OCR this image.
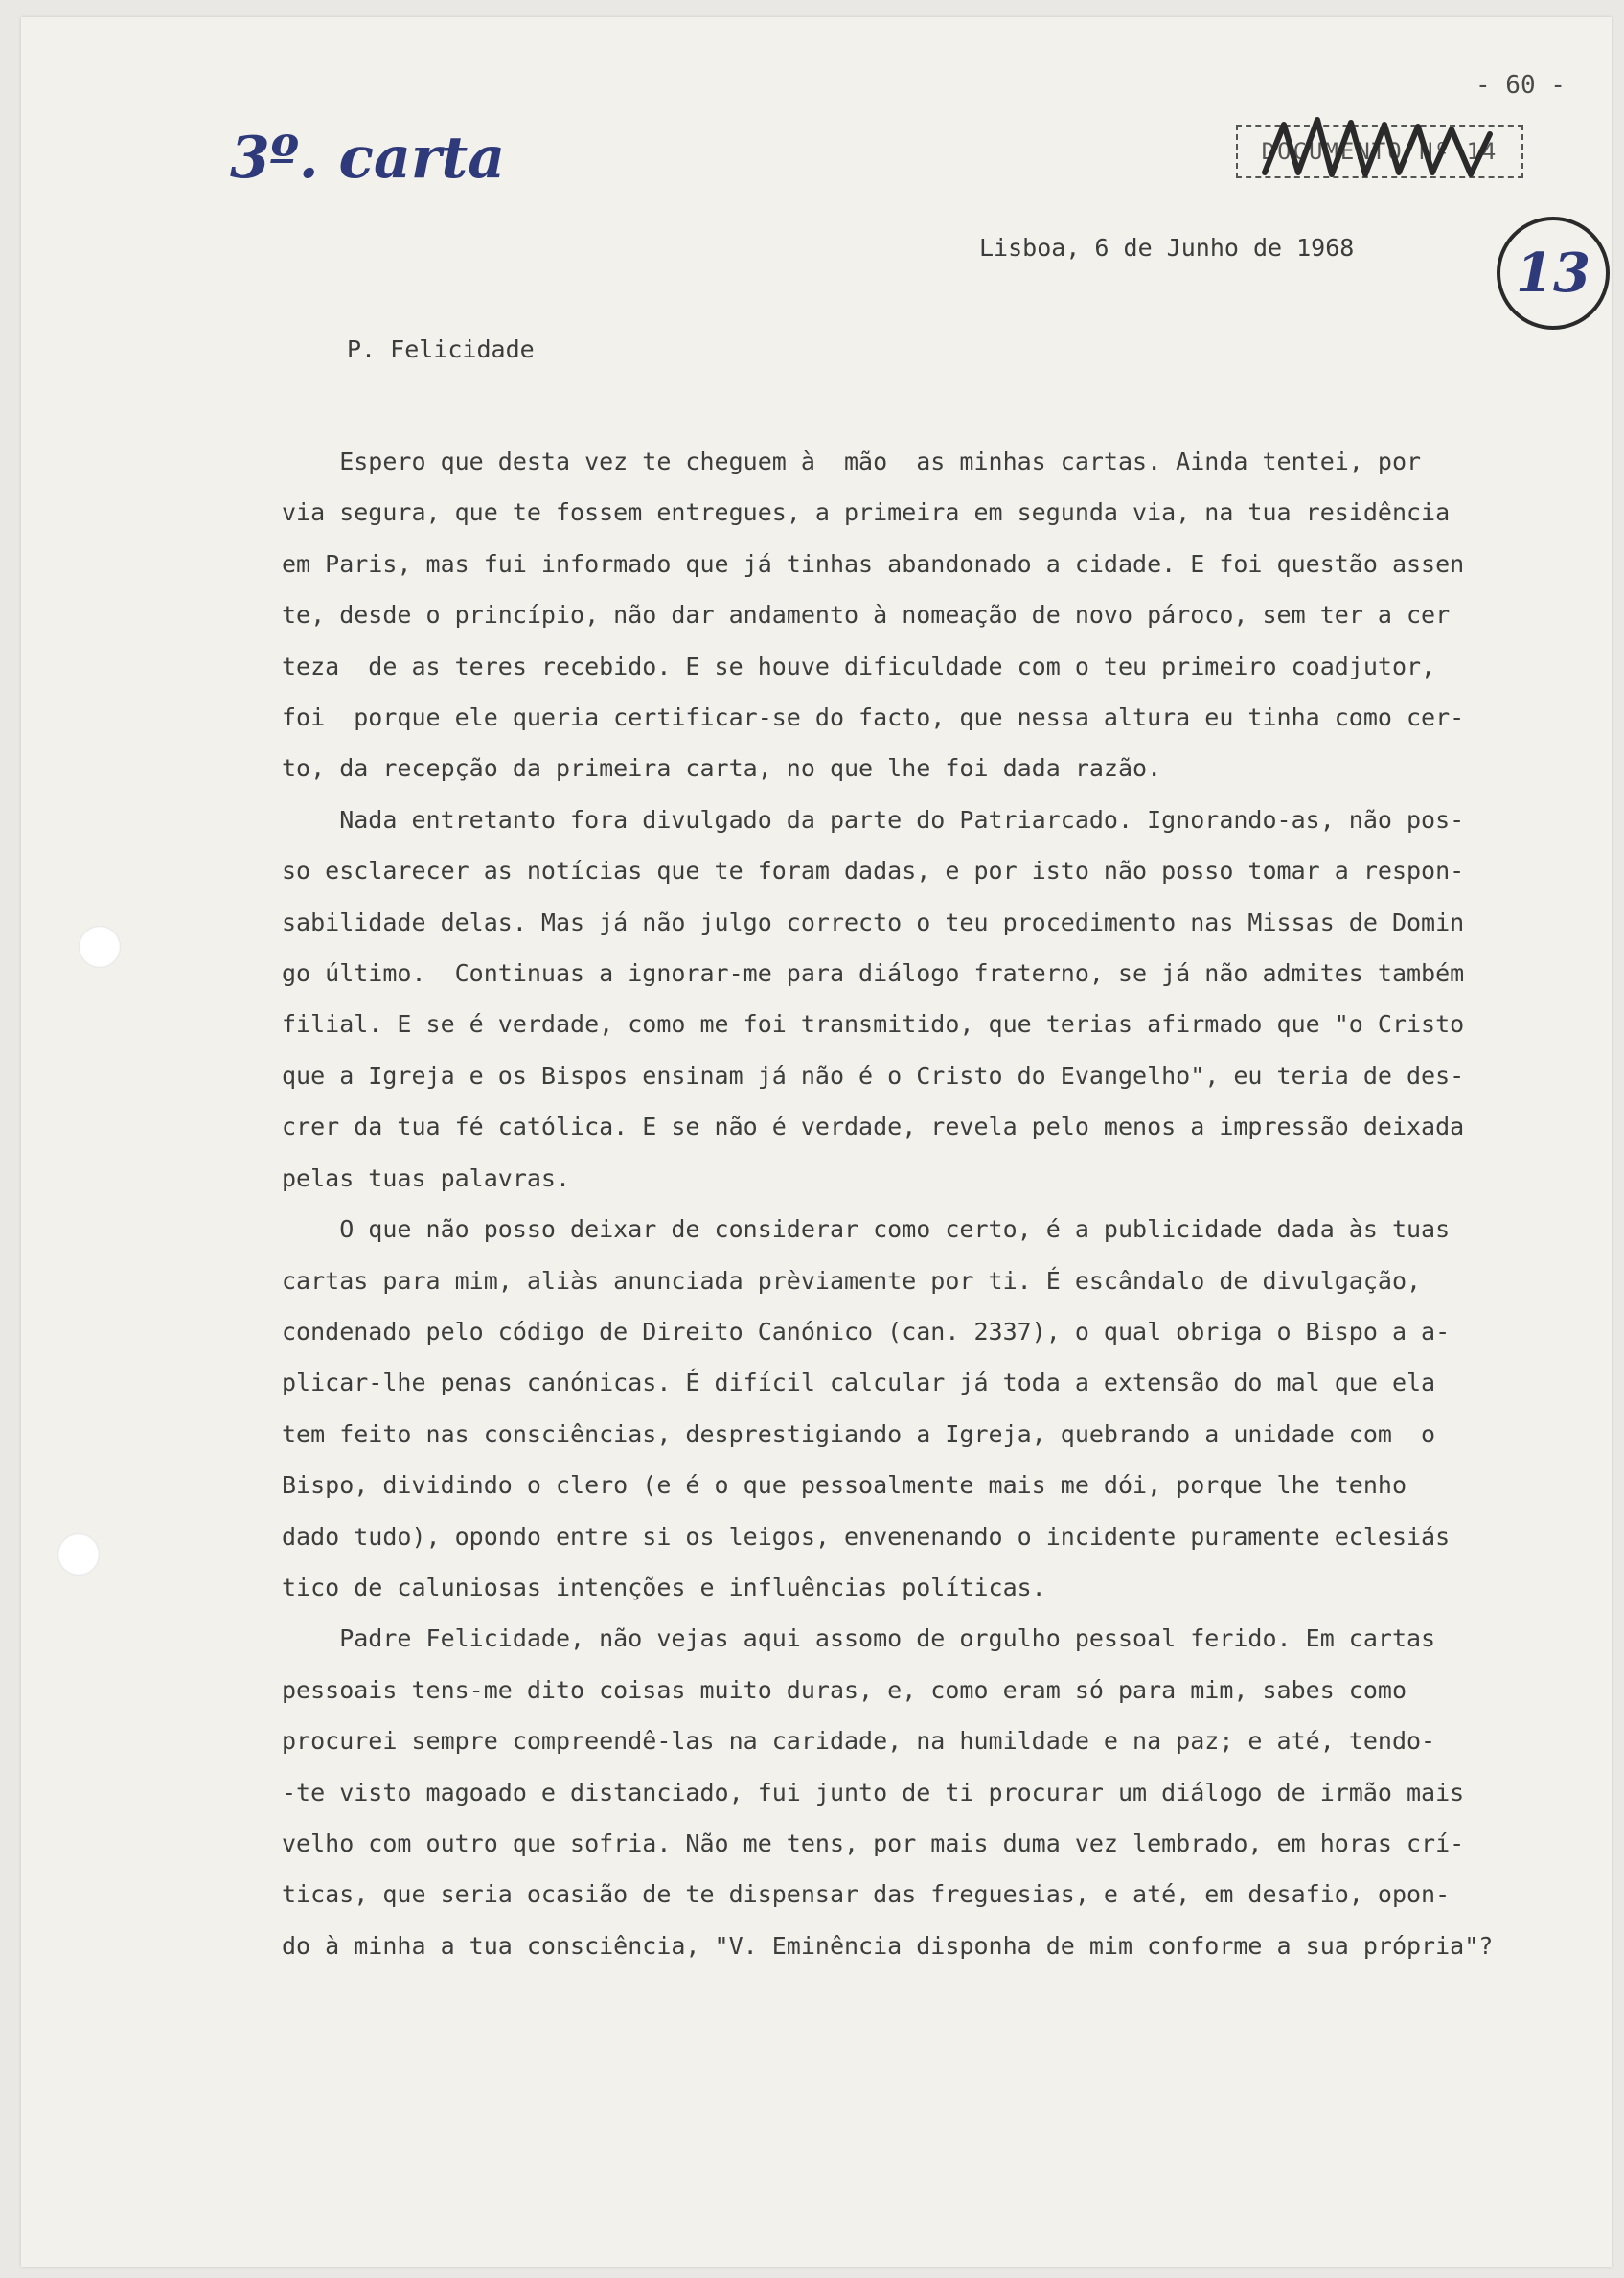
3º. carta
- 60 -
DOCUMENTO Nº 14
13
Lisboa, 6 de Junho de 1968
P. Felicidade
Espero que desta vez te cheguem à  mão  as minhas cartas. Ainda tentei, por
via segura, que te fossem entregues, a primeira em segunda via, na tua residência
em Paris, mas fui informado que já tinhas abandonado a cidade. E foi questão assen
te, desde o princípio, não dar andamento à nomeação de novo pároco, sem ter a cer
teza  de as teres recebido. E se houve dificuldade com o teu primeiro coadjutor,
foi  porque ele queria certificar-se do facto, que nessa altura eu tinha como cer-
to, da recepção da primeira carta, no que lhe foi dada razão.
Nada entretanto fora divulgado da parte do Patriarcado. Ignorando-as, não pos-
so esclarecer as notícias que te foram dadas, e por isto não posso tomar a respon-
sabilidade delas. Mas já não julgo correcto o teu procedimento nas Missas de Domin
go último.  Continuas a ignorar-me para diálogo fraterno, se já não admites também
filial. E se é verdade, como me foi transmitido, que terias afirmado que "o Cristo
que a Igreja e os Bispos ensinam já não é o Cristo do Evangelho", eu teria de des-
crer da tua fé católica. E se não é verdade, revela pelo menos a impressão deixada
pelas tuas palavras.
O que não posso deixar de considerar como certo, é a publicidade dada às tuas
cartas para mim, aliàs anunciada prèviamente por ti. É escândalo de divulgação,
condenado pelo código de Direito Canónico (can. 2337), o qual obriga o Bispo a a-
plicar-lhe penas canónicas. É difícil calcular já toda a extensão do mal que ela
tem feito nas consciências, desprestigiando a Igreja, quebrando a unidade com  o
Bispo, dividindo o clero (e é o que pessoalmente mais me dói, porque lhe tenho
dado tudo), opondo entre si os leigos, envenenando o incidente puramente eclesiás
tico de caluniosas intenções e influências políticas.
Padre Felicidade, não vejas aqui assomo de orgulho pessoal ferido. Em cartas
pessoais tens-me dito coisas muito duras, e, como eram só para mim, sabes como
procurei sempre compreendê-las na caridade, na humildade e na paz; e até, tendo-
-te visto magoado e distanciado, fui junto de ti procurar um diálogo de irmão mais
velho com outro que sofria. Não me tens, por mais duma vez lembrado, em horas crí-
ticas, que seria ocasião de te dispensar das freguesias, e até, em desafio, opon-
do à minha a tua consciência, "V. Eminência disponha de mim conforme a sua própria"?
